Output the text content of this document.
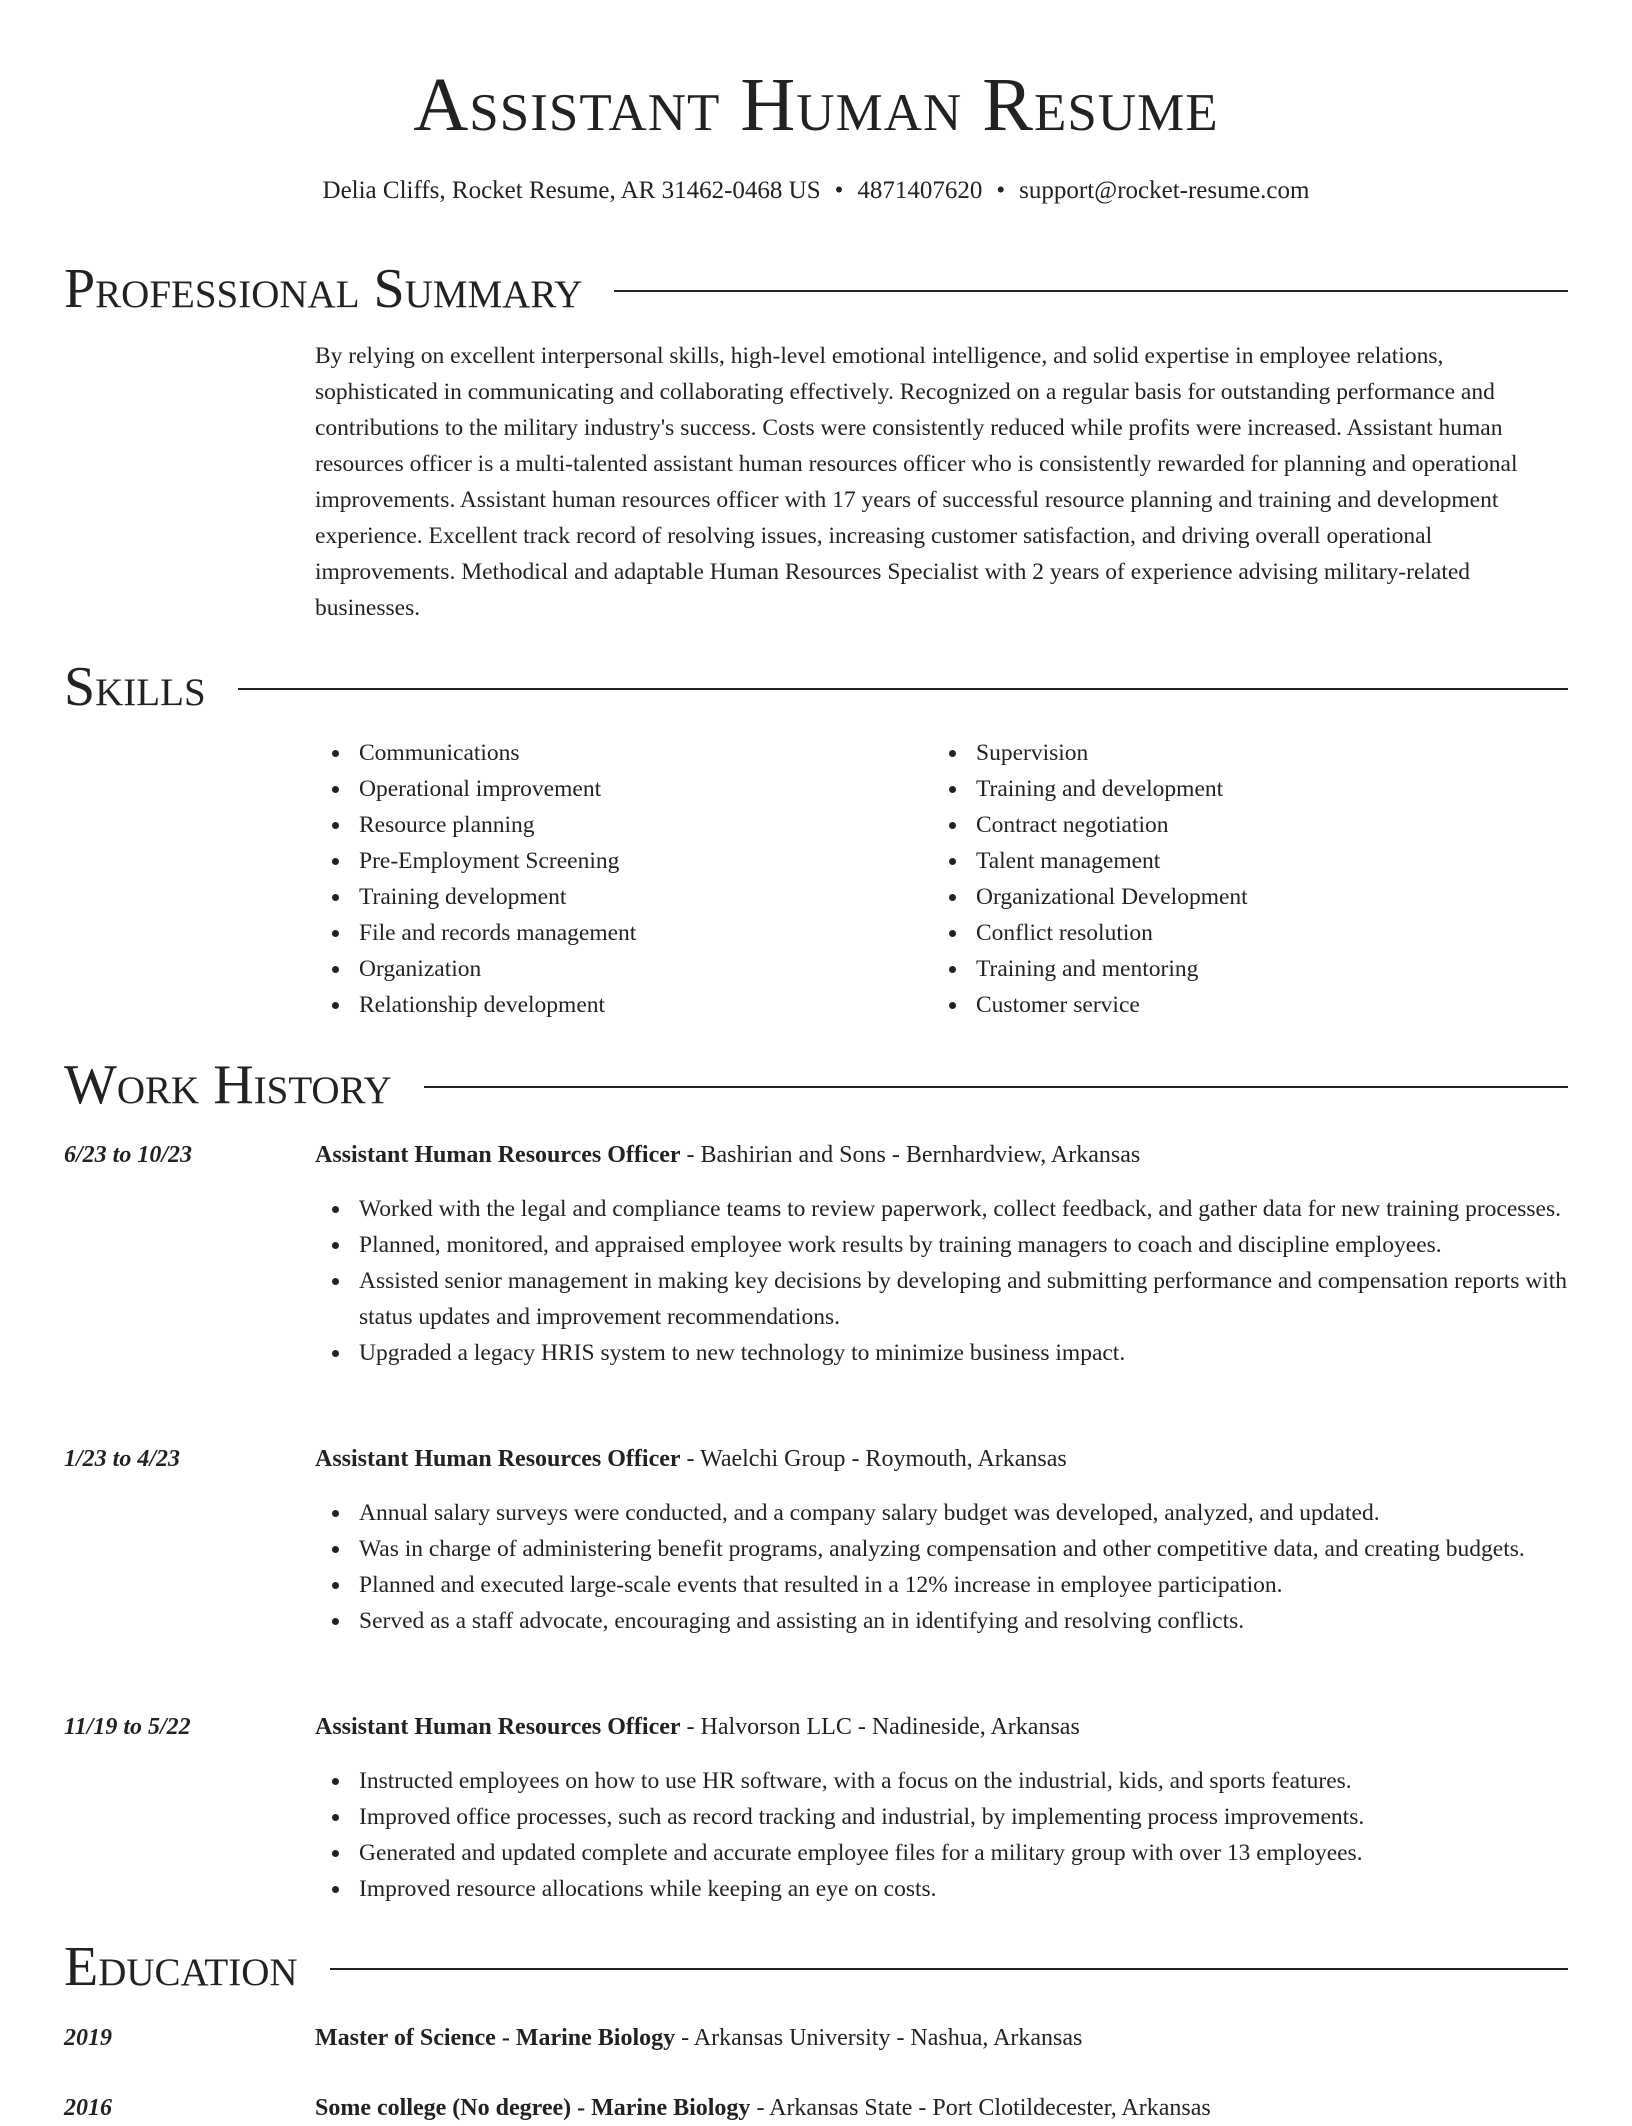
Assistant Human Resume
Delia Cliffs, Rocket Resume, AR 31462-0468 US • 4871407620 • support@rocket-resume.com
Professional Summary
By relying on excellent interpersonal skills, high-level emotional intelligence, and solid expertise in employee relations, sophisticated in communicating and collaborating effectively. Recognized on a regular basis for outstanding performance and contributions to the military industry's success. Costs were consistently reduced while profits were increased. Assistant human resources officer is a multi-talented assistant human resources officer who is consistently rewarded for planning and operational improvements. Assistant human resources officer with 17 years of successful resource planning and training and development experience. Excellent track record of resolving issues, increasing customer satisfaction, and driving overall operational improvements. Methodical and adaptable Human Resources Specialist with 2 years of experience advising military-related businesses.
Skills
Communications
Operational improvement
Resource planning
Pre-Employment Screening
Training development
File and records management
Organization
Relationship development
Supervision
Training and development
Contract negotiation
Talent management
Organizational Development
Conflict resolution
Training and mentoring
Customer service
Work History
6/23 to 10/23	Assistant Human Resources Officer - Bashirian and Sons - Bernhardview, Arkansas
Worked with the legal and compliance teams to review paperwork, collect feedback, and gather data for new training processes.
Planned, monitored, and appraised employee work results by training managers to coach and discipline employees.
Assisted senior management in making key decisions by developing and submitting performance and compensation reports with status updates and improvement recommendations.
Upgraded a legacy HRIS system to new technology to minimize business impact.
1/23 to 4/23	Assistant Human Resources Officer - Waelchi Group - Roymouth, Arkansas
Annual salary surveys were conducted, and a company salary budget was developed, analyzed, and updated.
Was in charge of administering benefit programs, analyzing compensation and other competitive data, and creating budgets.
Planned and executed large-scale events that resulted in a 12% increase in employee participation.
Served as a staff advocate, encouraging and assisting an in identifying and resolving conflicts.
11/19 to 5/22	Assistant Human Resources Officer - Halvorson LLC - Nadineside, Arkansas
Instructed employees on how to use HR software, with a focus on the industrial, kids, and sports features.
Improved office processes, such as record tracking and industrial, by implementing process improvements.
Generated and updated complete and accurate employee files for a military group with over 13 employees.
Improved resource allocations while keeping an eye on costs.
Education
2019	Master of Science - Marine Biology - Arkansas University - Nashua, Arkansas
2016	Some college (No degree) - Marine Biology - Arkansas State - Port Clotildecester, Arkansas
